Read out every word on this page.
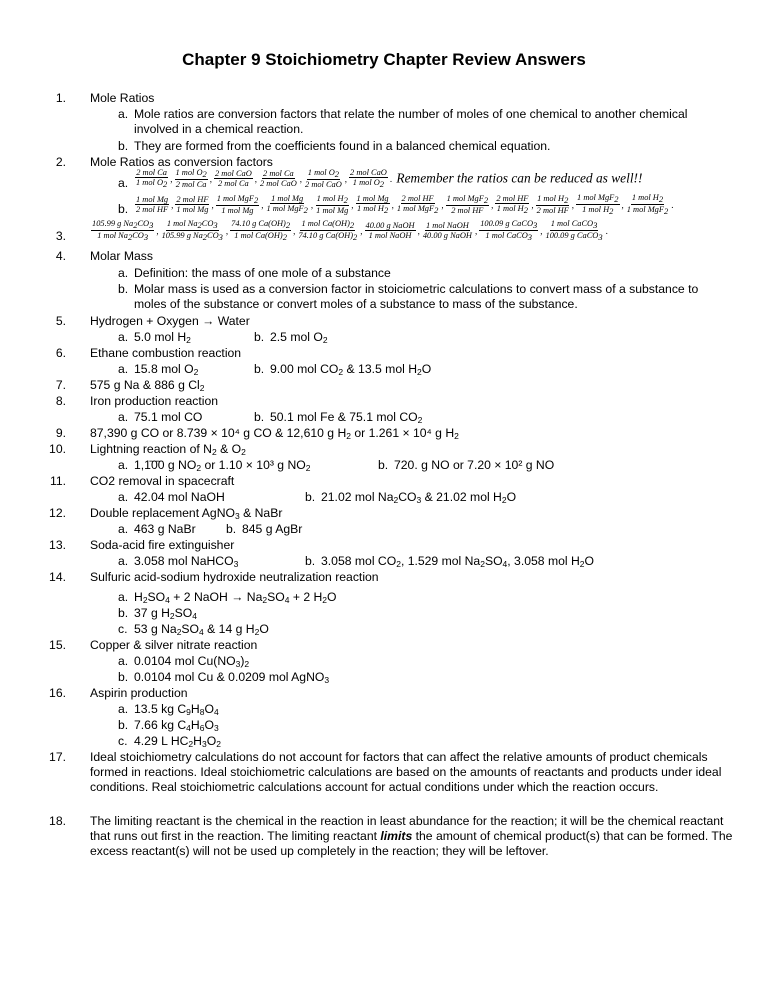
Chapter 9 Stoichiometry Chapter Review Answers
1. Mole Ratios
a. Mole ratios are conversion factors that relate the number of moles of one chemical to another chemical involved in a chemical reaction.
b. They are formed from the coefficients found in a balanced chemical equation.
2. Mole Ratios as conversion factors
a. $\frac{\text{2 mol Ca}}{1 mol O_2}$ , $\frac{1 mol O_2}{\text{2 mol Ca}}$ , $\frac{\text{2 mol CaO}}{\text{2 mol Ca}}$ , $\frac{\text{2 mol Ca}}{\text{2 mol CaO}}$ , $\frac{1 mol O_2}{\text{2 mol CaO}}$ , $\frac{\text{2 mol CaO}}{1 mol O_2}$ . Remember the ratios can be reduced as well!!
b. $\frac{\text{1 mol Mg}}{\text{2 mol HF}}$ , $\frac{\text{2 mol HF}}{\text{1 mol Mg}}$ , $\frac{1 mol MgF_2}{\text{1 mol Mg}}$ , $\frac{\text{1 mol Mg}}{1 mol MgF_2}$ , $\frac{1 mol H_2}{\text{1 mol Mg}}$ , $\frac{\text{1 mol Mg}}{1 mol H_2}$ , $\frac{\text{2 mol HF}}{1 mol MgF_2}$ , $\frac{1 mol MgF_2}{\text{2 mol HF}}$ , $\frac{\text{2 mol HF}}{1 mol H_2}$ , $\frac{1 mol H_2}{\text{2 mol HF}}$ , $\frac{1 mol MgF_2}{1 mol H_2}$ , $\frac{1 mol H_2}{1 mol MgF_2}$ .
3.	$\frac{105.99 g Na_2CO_3}{1 mol Na_2CO_3}$ , $\frac{1 mol Na_2CO_3}{105.99 g Na_2CO_3}$ , $\frac{74.10 g Ca(OH)_2}{1 mol Ca(OH)_2}$ , $\frac{1 mol Ca(OH)_2}{74.10 g Ca(OH)_2}$ , $\frac{\text{40.00 g NaOH}}{\text{1 mol NaOH}}$ , $\frac{\text{1 mol NaOH}}{\text{40.00 g NaOH}}$ , $\frac{100.09 g CaCO_3}{1 mol CaCO_3}$ , $\frac{1 mol CaCO_3}{100.09 g CaCO_3}$ .
4. Molar Mass
a. Definition: the mass of one mole of a substance
b. Molar mass is used as a conversion factor in stoiciometric calculations to convert mass of a substance to moles of the substance or convert moles of a substance to mass of the substance.
5. Hydrogen + Oxygen → Water
a. 5.0 mol $H_2$	b. 2.5 mol $O_2$
6. Ethane combustion reaction
a. 15.8 mol $O_2$	b. 9.00 mol $CO_2$ & 13.5 mol $H_2O$
7. 575 g Na & 886 g $Cl_2$
8. Iron production reaction
a. 75.1 mol CO	b. 50.1 mol Fe & 75.1 mol $CO_2$
9. 87,390 g CO or 8.739 × 10⁴ g CO & 12,610 g $H_2$ or 1.261 × 10⁴ g $H_2$
10. Lightning reaction of $N_2$ & $O_2$
a. 1,1̄0̄0 g $NO_2$ or 1.10 × 10³ g $NO_2$	b. 720. g NO or 7.20 × 10² g NO
11. CO2 removal in spacecraft
a. 42.04 mol NaOH	b. 21.02 mol $Na_2CO_3$ & 21.02 mol $H_2O$
12. Double replacement AgNO$_3$ & NaBr
a. 463 g NaBr b. 845 g AgBr
13. Soda-acid fire extinguisher
a. 3.058 mol NaHCO$_3$	b. 3.058 mol $CO_2$, 1.529 mol $Na_2SO_4$, 3.058 mol $H_2O$
14. Sulfuric acid-sodium hydroxide neutralization reaction
a. $H_2SO_4 + 2$ NaOH → $Na_2SO_4 + 2$ $H_2O$
b. 37 g $H_2SO_4$
c. 53 g $Na_2SO_4$ & 14 g $H_2O$
15. Copper & silver nitrate reaction
a. 0.0104 mol $Cu(NO_3)_2$
b. 0.0104 mol Cu & 0.0209 mol AgNO$_3$
16. Aspirin production
a. 13.5 kg $C_9H_8O_4$
b. 7.66 kg $C_4H_6O_3$
c. 4.29 L $HC_2H_3O_2$
17. Ideal stoichiometry calculations do not account for factors that can affect the relative amounts of product chemicals formed in reactions. Ideal stoichiometric calculations are based on the amounts of reactants and products under ideal conditions. Real stoichiometric calculations account for actual conditions under which the reaction occurs.
18. The limiting reactant is the chemical in the reaction in least abundance for the reaction; it will be the chemical reactant that runs out first in the reaction. The limiting reactant limits the amount of chemical product(s) that can be formed. The excess reactant(s) will not be used up completely in the reaction; they will be leftover.
